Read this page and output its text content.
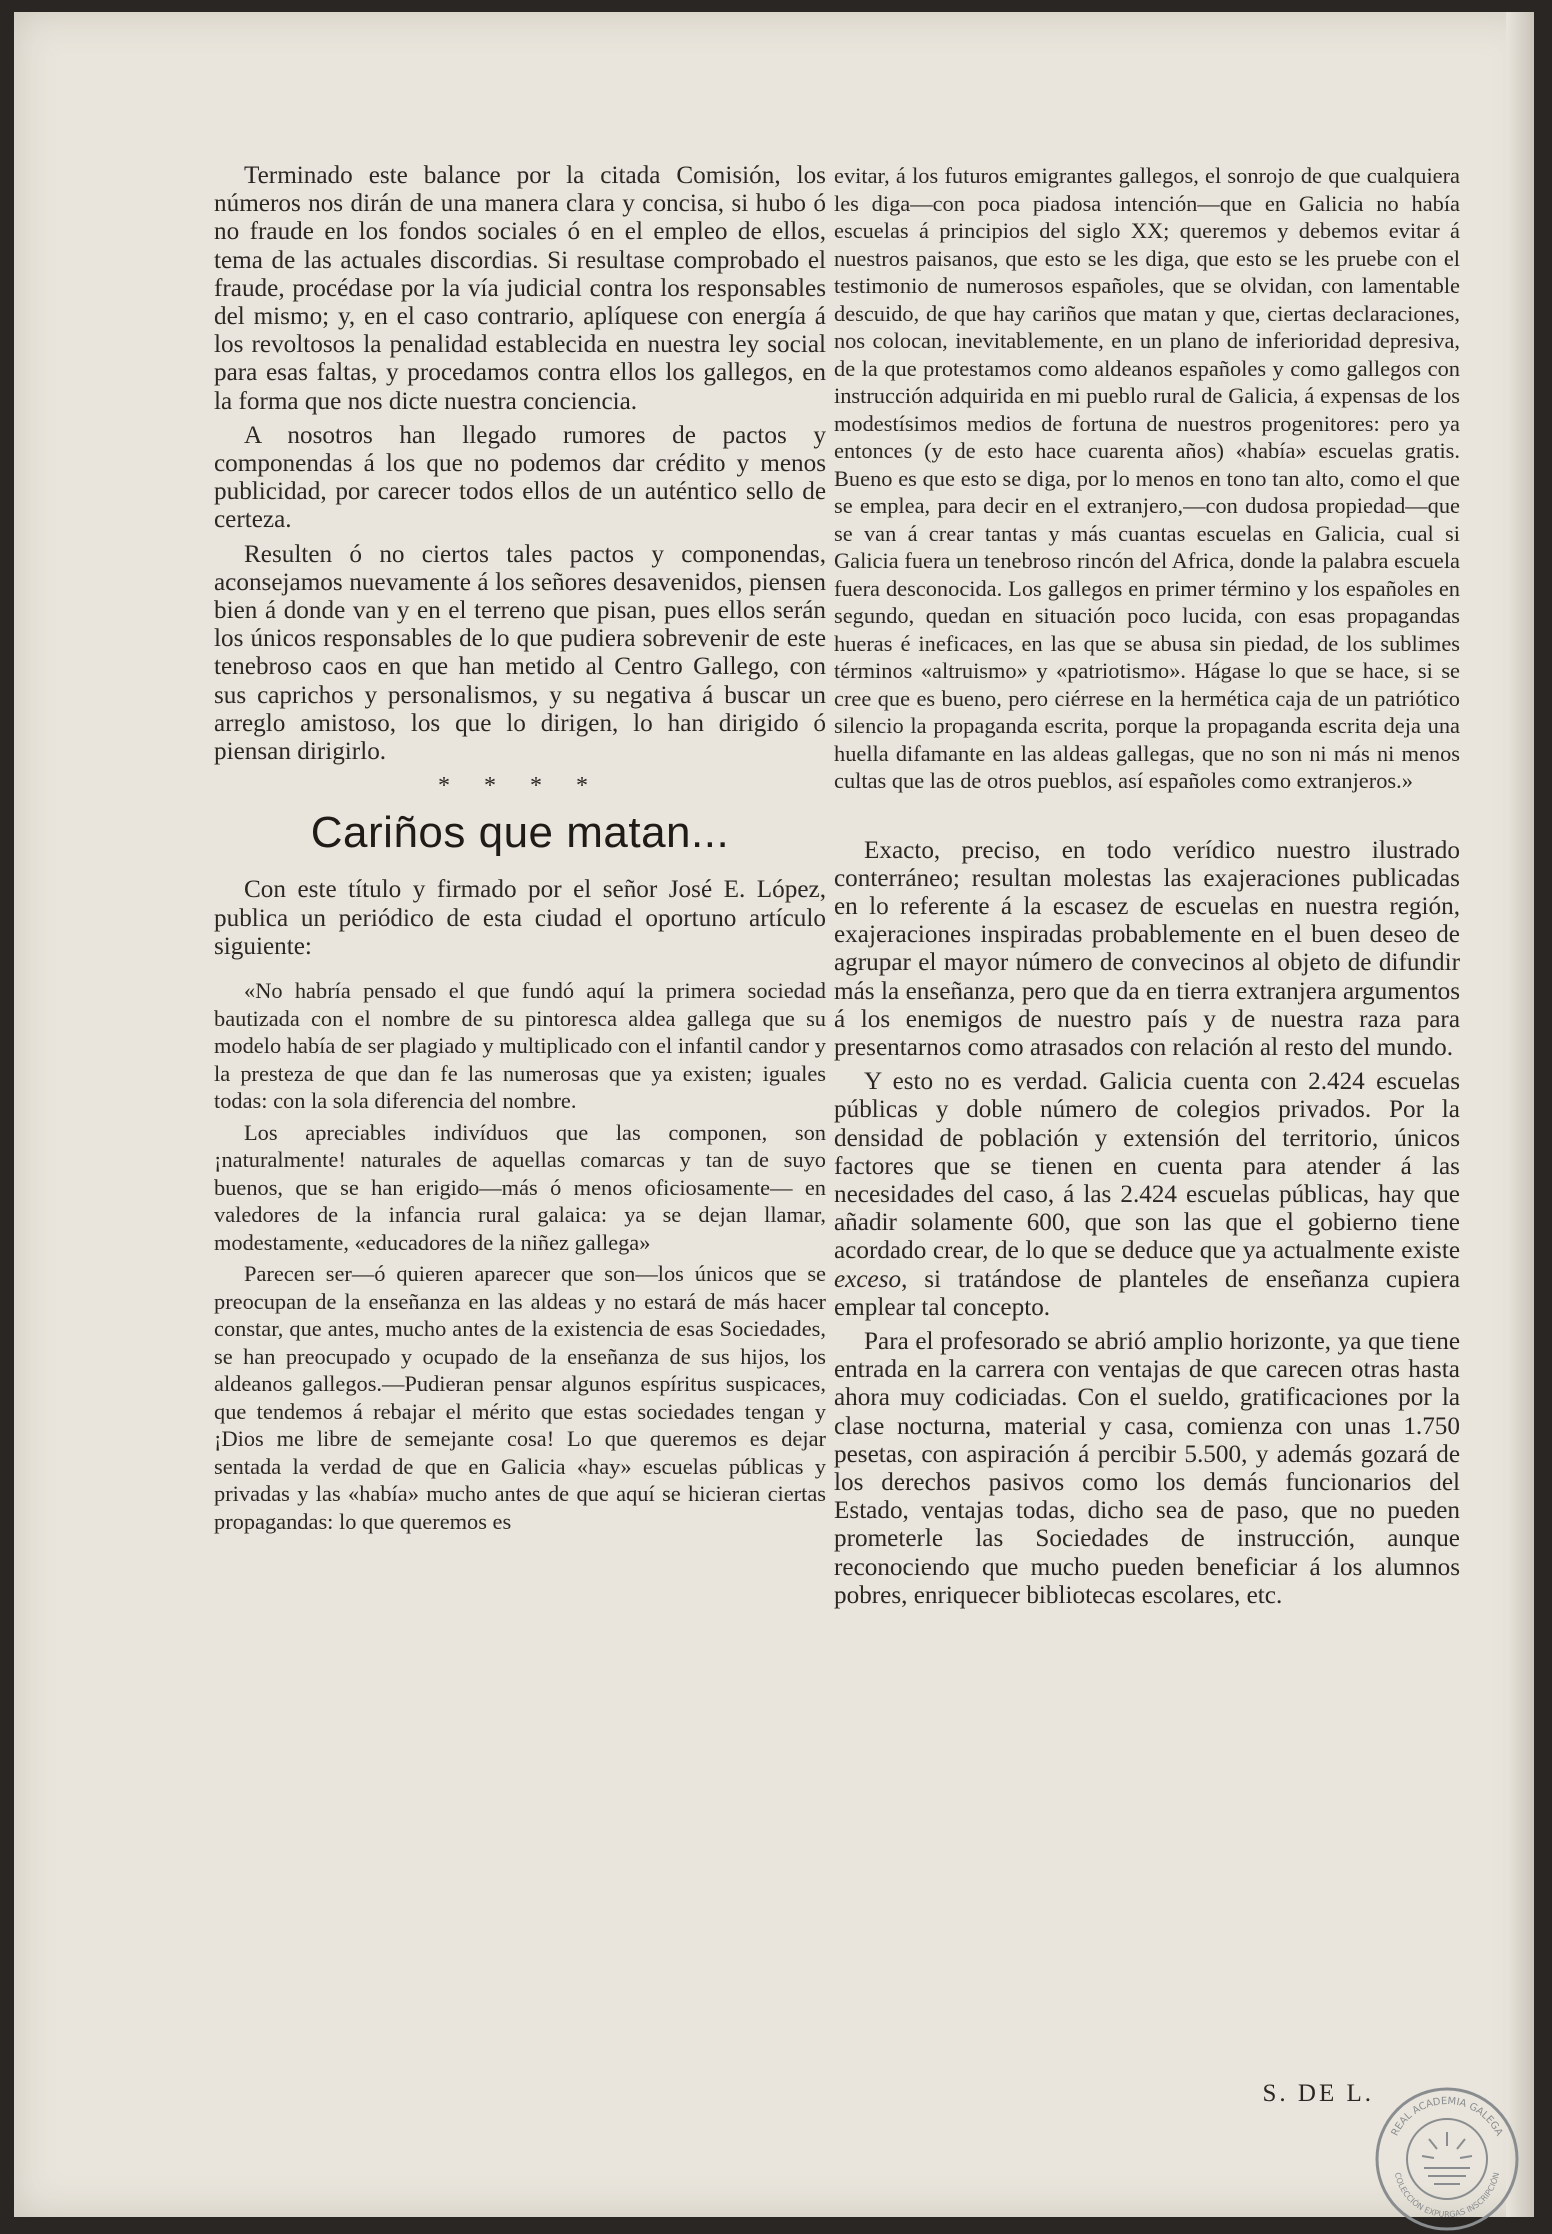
Terminado este balance por la citada Comisión, los números nos dirán de una manera clara y concisa, si hubo ó no fraude en los fondos sociales ó en el empleo de ellos, tema de las actuales discordias. Si resultase comprobado el fraude, procédase por la vía judicial contra los responsables del mismo; y, en el caso contrario, aplíquese con energía á los revoltosos la penalidad establecida en nuestra ley social para esas faltas, y procedamos contra ellos los gallegos, en la forma que nos dicte nuestra conciencia.

A nosotros han llegado rumores de pactos y componendas á los que no podemos dar crédito y menos publicidad, por carecer todos ellos de un auténtico sello de certeza.

Resulten ó no ciertos tales pactos y componendas, aconsejamos nuevamente á los señores desavenidos, piensen bien á donde van y en el terreno que pisan, pues ellos serán los únicos responsables de lo que pudiera sobrevenir de este tenebroso caos en que han metido al Centro Gallego, con sus caprichos y personalismos, y su negativa á buscar un arreglo amistoso, los que lo dirigen, lo han dirigido ó piensan dirigirlo.

* * * *
Cariños que matan...

Con este título y firmado por el señor José E. López, publica un periódico de esta ciudad el oportuno artículo siguiente:

«No habría pensado el que fundó aquí la primera sociedad bautizada con el nombre de su pintoresca aldea gallega que su modelo había de ser plagiado y multiplicado con el infantil candor y la presteza de que dan fe las numerosas que ya existen; iguales todas: con la sola diferencia del nombre.

Los apreciables indivíduos que las componen, son ¡naturalmente! naturales de aquellas comarcas y tan de suyo buenos, que se han erigido—más ó menos oficiosamente— en valedores de la infancia rural galaica: ya se dejan llamar, modestamente, «educadores de la niñez gallega»

Parecen ser—ó quieren aparecer que son—los únicos que se preocupan de la enseñanza en las aldeas y no estará de más hacer constar, que antes, mucho antes de la existencia de esas Sociedades, se han preocupado y ocupado de la enseñanza de sus hijos, los aldeanos gallegos.—Pudieran pensar algunos espíritus suspicaces, que tendemos á rebajar el mérito que estas sociedades tengan y ¡Dios me libre de semejante cosa! Lo que queremos es dejar sentada la verdad de que en Galicia «hay» escuelas públicas y privadas y las «había» mucho antes de que aquí se hicieran ciertas propagandas: lo que queremos es

evitar, á los futuros emigrantes gallegos, el sonrojo de que cualquiera les diga—con poca piadosa intención—que en Galicia no había escuelas á principios del siglo XX; queremos y debemos evitar á nuestros paisanos, que esto se les diga, que esto se les pruebe con el testimonio de numerosos españoles, que se olvidan, con lamentable descuido, de que hay cariños que matan y que, ciertas declaraciones, nos colocan, inevitablemente, en un plano de inferioridad depresiva, de la que protestamos como aldeanos españoles y como gallegos con instrucción adquirida en mi pueblo rural de Galicia, á expensas de los modestísimos medios de fortuna de nuestros progenitores: pero ya entonces (y de esto hace cuarenta años) «había» escuelas gratis. Bueno es que esto se diga, por lo menos en tono tan alto, como el que se emplea, para decir en el extranjero,—con dudosa propiedad—que se van á crear tantas y más cuantas escuelas en Galicia, cual si Galicia fuera un tenebroso rincón del Africa, donde la palabra escuela fuera desconocida. Los gallegos en primer término y los españoles en segundo, quedan en situación poco lucida, con esas propagandas hueras é ineficaces, en las que se abusa sin piedad, de los sublimes términos «altruismo» y «patriotismo». Hágase lo que se hace, si se cree que es bueno, pero ciérrese en la hermética caja de un patriótico silencio la propaganda escrita, porque la propaganda escrita deja una huella difamante en las aldeas gallegas, que no son ni más ni menos cultas que las de otros pueblos, así españoles como extranjeros.»

Exacto, preciso, en todo verídico nuestro ilustrado conterráneo; resultan molestas las exajeraciones publicadas en lo referente á la escasez de escuelas en nuestra región, exajeraciones inspiradas probablemente en el buen deseo de agrupar el mayor número de convecinos al objeto de difundir más la enseñanza, pero que da en tierra extranjera argumentos á los enemigos de nuestro país y de nuestra raza para presentarnos como atrasados con relación al resto del mundo.

Y esto no es verdad. Galicia cuenta con 2.424 escuelas públicas y doble número de colegios privados. Por la densidad de población y extensión del territorio, únicos factores que se tienen en cuenta para atender á las necesidades del caso, á las 2.424 escuelas públicas, hay que añadir solamente 600, que son las que el gobierno tiene acordado crear, de lo que se deduce que ya actualmente existe exceso, si tratándose de planteles de enseñanza cupiera emplear tal concepto.

Para el profesorado se abrió amplio horizonte, ya que tiene entrada en la carrera con ventajas de que carecen otras hasta ahora muy codiciadas. Con el sueldo, gratificaciones por la clase nocturna, material y casa, comienza con unas 1.750 pesetas, con aspiración á percibir 5.500, y además gozará de los derechos pasivos como los demás funcionarios del Estado, ventajas todas, dicho sea de paso, que no pueden prometerle las Sociedades de instrucción, aunque reconociendo que mucho pueden beneficiar á los alumnos pobres, enriquecer bibliotecas escolares, etc.

S. DE L.
REAL ACADEMIA GALEGA
COLECCIÓN EXPURGAS INSCRIPCIÓN
